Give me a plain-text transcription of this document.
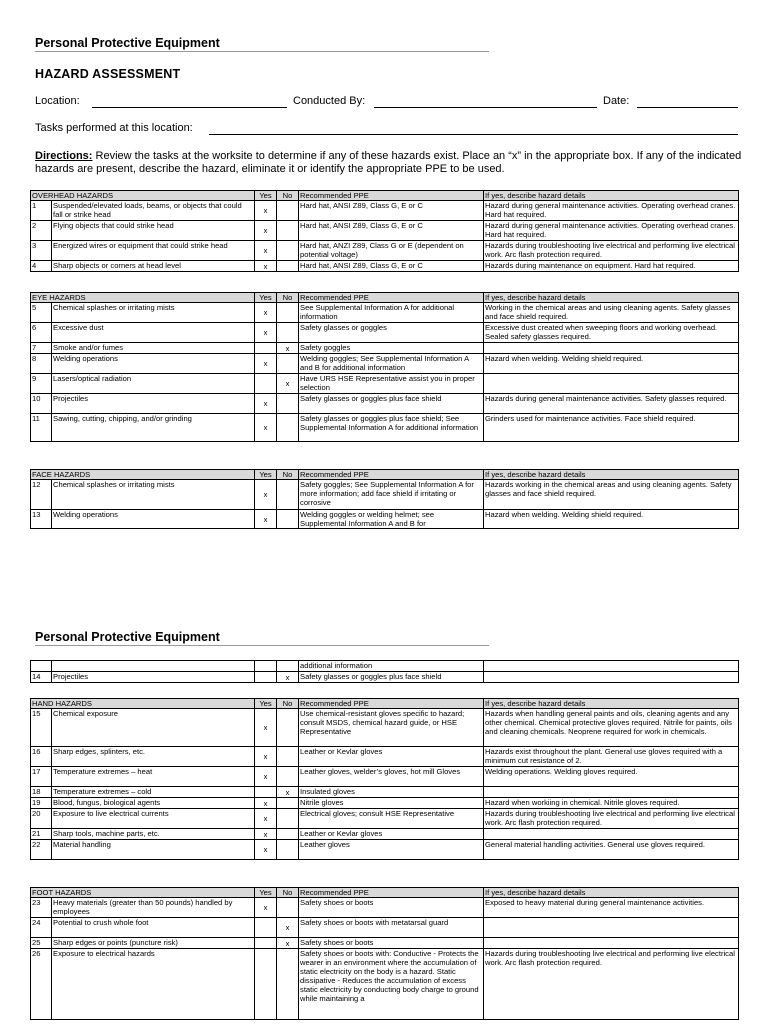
Personal Protective Equipment
HAZARD ASSESSMENT
Location:	Conducted By:	Date:
Tasks performed at this location:
Directions: Review the tasks at the worksite to determine if any of these hazards exist. Place an “x” in the appropriate box. If any of the indicated hazards are present, describe the hazard, eliminate it or identify the appropriate PPE to be used.
OVERHEAD HAZARDS		Yes	No	Recommended PPE	If yes, describe hazard details
1	Suspended/elevated loads, beams, or objects that could fall or strike head	x		Hard hat, ANSI Z89, Class G, E or C	Hazard during general maintenance activities. Operating overhead cranes. Hard hat required.
2	Flying objects that could strike head	x		Hard hat, ANSI Z89, Class G, E or C	Hazard during general maintenance activities. Operating overhead cranes. Hard hat required.
3	Energized wires or equipment that could strike head	x		Hard hat, ANZI Z89, Class G or E (dependent on potential voltage)	Hazards during troubleshooting live electrical and performing live electrical work. Arc flash protection required.
4	Sharp objects or corners at head level	x		Hard hat, ANSI Z89, Class G, E or C	Hazards during maintenance on equipment. Hard hat required.
EYE HAZARDS		Yes	No	Recommended PPE	If yes, describe hazard details
5	Chemical splashes or irritating mists	x		See Supplemental Information A for additional information	Working in the chemical areas and using cleaning agents. Safety glasses and face shield required.
6	Excessive dust	x		Safety glasses or goggles	Excessive dust created when sweeping floors and working overhead. Sealed safety glasses required.
7	Smoke and/or fumes		x	Safety goggles	
8	Welding operations	x		Welding goggles; See Supplemental Information A and B for additional information	Hazard when welding. Welding shield required.
9	Lasers/optical radiation		x	Have URS HSE Representative assist you in proper selection	
10	Projectiles	x		Safety glasses or goggles plus face shield	Hazards during general maintenance activities. Safety glasses required.
11	Sawing, cutting, chipping, and/or grinding	x		Safety glasses or goggles plus face shield; See Supplemental Information A for additional information	Grinders used for maintenance activities. Face shield required.
FACE HAZARDS		Yes	No	Recommended PPE	If yes, describe hazard details
12	Chemical splashes or irritating mists	x		Safety goggles; See Supplemental Information A for more information; add face shield if irritating or corrosive	Hazards working in the chemical areas and using cleaning agents. Safety glasses and face shield required.
13	Welding operations	x		Welding goggles or welding helmet; see Supplemental Information A and B for	Hazard when welding. Welding shield required.
Personal Protective Equipment
				additional information	
14	Projectiles		x	Safety glasses or goggles plus face shield	
HAND HAZARDS		Yes	No	Recommended PPE	If yes, describe hazard details
15	Chemical exposure	x		Use chemical-resistant gloves specific to hazard; consult MSDS, chemical hazard guide, or HSE Representative	Hazards when handling general paints and oils, cleaning agents and any other chemical. Chemical protective gloves required. Nitrile for paints, oils and cleaning chemicals. Neoprene required for work in chemicals.
16	Sharp edges, splinters, etc.	x		Leather or Kevlar gloves	Hazards exist throughout the plant. General use gloves required with a minimum cut resistance of 2.
17	Temperature extremes – heat	x		Leather gloves, welder’s gloves, hot mill Gloves	Welding operations. Welding gloves required.
18	Temperature extremes – cold		x	Insulated gloves	
19	Blood, fungus, biological agents	x		Nitrile gloves	Hazard when workiing in chemical. Nitrile gloves required.
20	Exposure to live electrical currents	x		Electrical gloves; consult HSE Representative	Hazards during troubleshooting live electrical and performing live electrical work. Arc flash protection required.
21	Sharp tools, machine parts, etc.	x		Leather or Kevlar gloves	
22	Material handling	x		Leather gloves	General material handling activities. General use gloves required.
FOOT HAZARDS		Yes	No	Recommended PPE	If yes, describe hazard details
23	Heavy materials (greater than 50 pounds) handled by employees	x		Safety shoes or boots	Exposed to heavy material during general maintenance activities.
24	Potential to crush whole foot		x	Safety shoes or boots with metatarsal guard	
25	Sharp edges or points (puncture risk)		x	Safety shoes or boots	
26	Exposure to electrical hazards			Safety shoes or boots with: Conductive - Protects the wearer in an environment where the accumulation of static electricity on the body is a hazard. Static dissipative - Reduces the accumulation of excess static electricity by conducting body charge to ground while maintaining a	Hazards during troubleshooting live electrical and performing live electrical work. Arc flash protection required.
